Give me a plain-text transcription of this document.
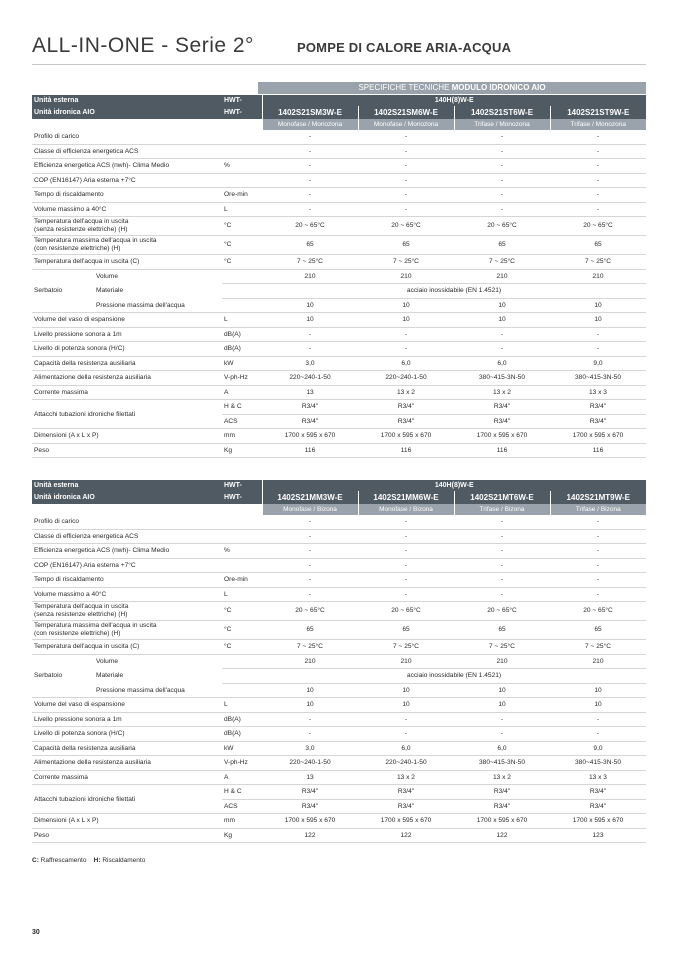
ALL-IN-ONE - Serie 2°	POMPE DI CALORE ARIA-ACQUA
SPECIFICHE TECNICHE MODULO IDRONICO AIO
Unità esterna	HWT-	140H(8)W-E			
Unità idronica AIO	HWT-	1402S21SM3W-E	1402S21SM6W-E	1402S21ST6W-E	1402S21ST9W-E
		Monofase / Monozona	Monofase / Monozona	Trifase / Monozona	Trifase / Monozona
Profilo di carico		-	-	-	-
Classe di efficienza energetica ACS		-	-	-	-
Efficienza energetica ACS (nwh)- Clima Medio	%	-	-	-	-
COP (EN16147) Aria esterna +7°C		-	-	-	-
Tempo di riscaldamento	Ore-min	-	-	-	-
Volume massimo a 40°C	L	-	-	-	-

Temperatura dell'acqua in uscita
(senza resistenze elettriche) (H)	°C	20 ~ 65°C	20 ~ 65°C	20 ~ 65°C	20 ~ 65°C

Temperatura massima dell'acqua in uscita
(con resistenze elettriche) (H)	°C	65	65	65	65
Temperatura dell'acqua in uscita (C)	°C	7 ~ 25°C	7 ~ 25°C	7 ~ 25°C	7 ~ 25°C
Volume		210	210	210	210
Serbatoio Materiale		acciaio inossidabile (EN 1.4521)			
Pressione massima dell'acqua		10	10	10	10
Volume del vaso di espansione	L	10	10	10	10
Livello pressione sonora a 1m	dB(A)	-	-	-	-
Livello di potenza sonora (H/C)	dB(A)	-	-	-	-
Capacità della resistenza ausiliaria	kW	3,0	6,0	6,0	9,0
Alimentazione della resistenza ausiliaria	V-ph-Hz	220~240-1-50	220~240-1-50	380~415-3N-50	380~415-3N-50
Corrente massima	A	13	13 x 2	13 x 2	13 x 3
Attacchi tubazioni idroniche filettati	H & C	R3/4"	R3/4"	R3/4"	R3/4"
	ACS	R3/4"	R3/4"	R3/4"	R3/4"
Dimensioni (A x L x P)	mm	1700 x 595 x 670	1700 x 595 x 670	1700 x 595 x 670	1700 x 595 x 670
Peso	Kg	116	116	116	116
Unità esterna	HWT-	140H(8)W-E			
Unità idronica AIO	HWT-	1402S21MM3W-E	1402S21MM6W-E	1402S21MT6W-E	1402S21MT9W-E
		Monofase / Bizona	Monofase / Bizona	Trifase / Bizona	Trifase / Bizona
Profilo di carico		-	-	-	-
Classe di efficienza energetica ACS		-	-	-	-
Efficienza energetica ACS (nwh)- Clima Medio	%	-	-	-	-
COP (EN16147) Aria esterna +7°C		-	-	-	-
Tempo di riscaldamento	Ore-min	-	-	-	-
Volume massimo a 40°C	L	-	-	-	-

Temperatura dell'acqua in uscita
(senza resistenze elettriche) (H)	°C	20 ~ 65°C	20 ~ 65°C	20 ~ 65°C	20 ~ 65°C

Temperatura massima dell'acqua in uscita
(con resistenze elettriche) (H)	°C	65	65	65	65
Temperatura dell'acqua in uscita (C)	°C	7 ~ 25°C	7 ~ 25°C	7 ~ 25°C	7 ~ 25°C
Volume		210	210	210	210
Serbatoio Materiale		acciaio inossidabile (EN 1.4521)			
Pressione massima dell'acqua		10	10	10	10
Volume del vaso di espansione	L	10	10	10	10
Livello pressione sonora a 1m	dB(A)	-	-	-	-
Livello di potenza sonora (H/C)	dB(A)	-	-	-	-
Capacità della resistenza ausiliaria	kW	3,0	6,0	6,0	9,0
Alimentazione della resistenza ausiliaria	V-ph-Hz	220~240-1-50	220~240-1-50	380~415-3N-50	380~415-3N-50
Corrente massima	A	13	13 x 2	13 x 2	13 x 3
Attacchi tubazioni idroniche filettati	H & C	R3/4"	R3/4"	R3/4"	R3/4"
	ACS	R3/4"	R3/4"	R3/4"	R3/4"
Dimensioni (A x L x P)	mm	1700 x 595 x 670	1700 x 595 x 670	1700 x 595 x 670	1700 x 595 x 670
Peso	Kg	122	122	122	123
C: Raffrescamento H: Riscaldamento
30
